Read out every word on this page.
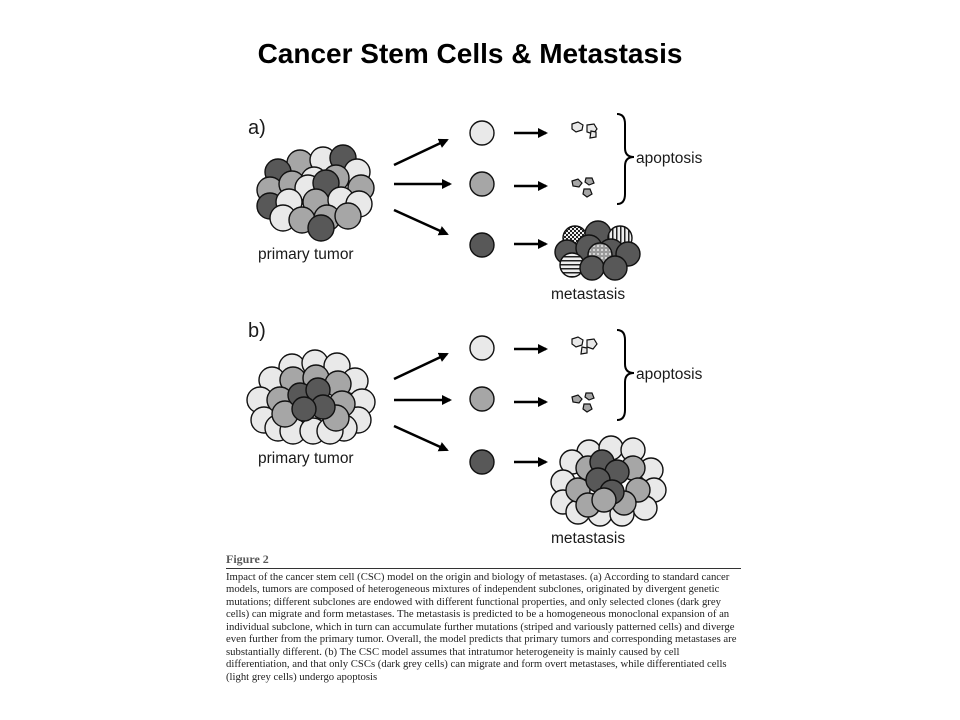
Cancer Stem Cells & Metastasis
a)
primary tumor
apoptosis
metastasis
b)
primary tumor
apoptosis
metastasis
Figure 2
Impact of the cancer stem cell (CSC) model on the origin and biology of metastases. (a) According to standard cancer models, tumors are composed of heterogeneous mixtures of independent subclones, originated by divergent genetic mutations; different subclones are endowed with different functional properties, and only selected clones (dark grey cells) can migrate and form metastases. The metastasis is predicted to be a homogeneous monoclonal expansion of an individual subclone, which in turn can accumulate further mutations (striped and variously patterned cells) and diverge even further from the primary tumor. Overall, the model predicts that primary tumors and corresponding metastases are substantially different. (b) The CSC model assumes that intratumor heterogeneity is mainly caused by cell differentiation, and that only CSCs (dark grey cells) can migrate and form overt metastases, while differentiated cells (light grey cells) undergo apoptosis
